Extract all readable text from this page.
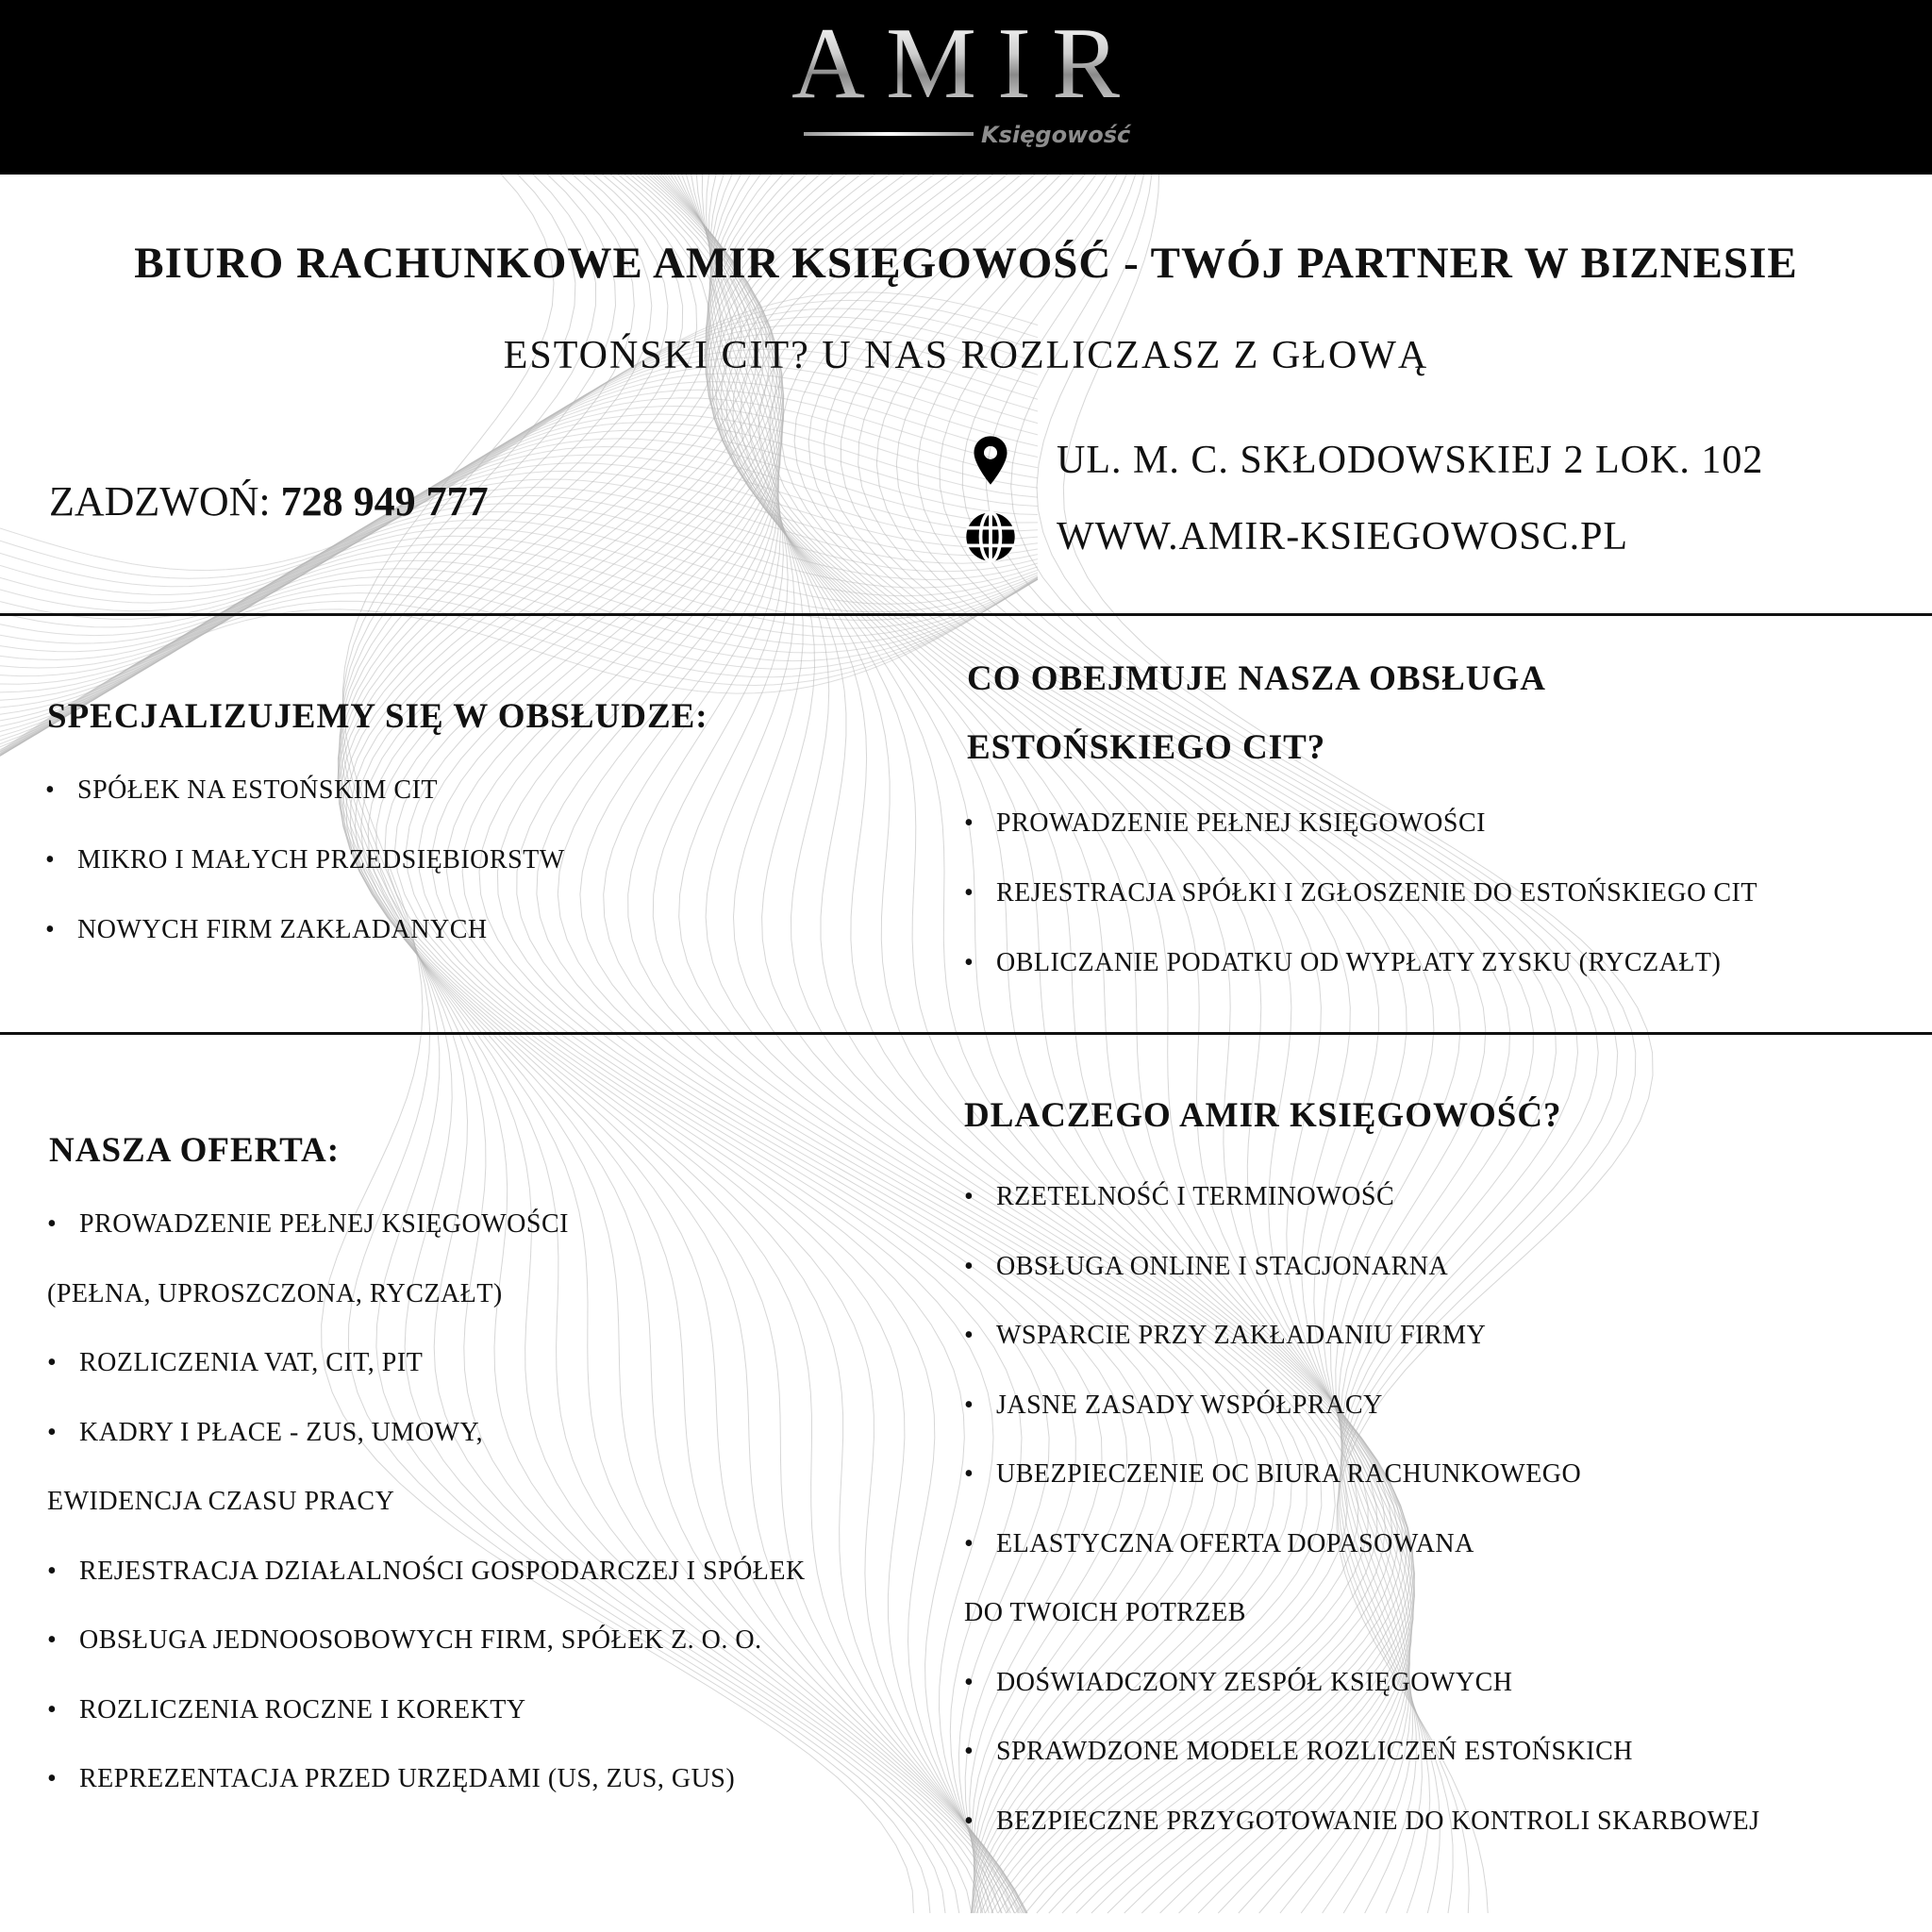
AMIR
Księgowość
BIURO RACHUNKOWE AMIR KSIĘGOWOŚĆ - TWÓJ PARTNER W BIZNESIE
ESTOŃSKI CIT? U NAS ROZLICZASZ Z GŁOWĄ
ZADZWOŃ: 728 949 777
UL. M. C. SKŁODOWSKIEJ 2 LOK. 102
WWW.AMIR-KSIEGOWOSC.PL
SPECJALIZUJEMY SIĘ W OBSŁUDZE:
• SPÓŁEK NA ESTOŃSKIM CIT
• MIKRO I MAŁYCH PRZEDSIĘBIORSTW
• NOWYCH FIRM ZAKŁADANYCH
CO OBEJMUJE NASZA OBSŁUGA
ESTOŃSKIEGO CIT?
• PROWADZENIE PEŁNEJ KSIĘGOWOŚCI
• REJESTRACJA SPÓŁKI I ZGŁOSZENIE DO ESTOŃSKIEGO CIT
• OBLICZANIE PODATKU OD WYPŁATY ZYSKU (RYCZAŁT)
NASZA OFERTA:
• PROWADZENIE PEŁNEJ KSIĘGOWOŚCI
(PEŁNA, UPROSZCZONA, RYCZAŁT)
• ROZLICZENIA VAT, CIT, PIT
• KADRY I PŁACE - ZUS, UMOWY,
EWIDENCJA CZASU PRACY
• REJESTRACJA DZIAŁALNOŚCI GOSPODARCZEJ I SPÓŁEK
• OBSŁUGA JEDNOOSOBOWYCH FIRM, SPÓŁEK Z. O. O.
• ROZLICZENIA ROCZNE I KOREKTY
• REPREZENTACJA PRZED URZĘDAMI (US, ZUS, GUS)
DLACZEGO AMIR KSIĘGOWOŚĆ?
• RZETELNOŚĆ I TERMINOWOŚĆ
• OBSŁUGA ONLINE I STACJONARNA
• WSPARCIE PRZY ZAKŁADANIU FIRMY
• JASNE ZASADY WSPÓŁPRACY
• UBEZPIECZENIE OC BIURA RACHUNKOWEGO
• ELASTYCZNA OFERTA DOPASOWANA
DO TWOICH POTRZEB
• DOŚWIADCZONY ZESPÓŁ KSIĘGOWYCH
• SPRAWDZONE MODELE ROZLICZEŃ ESTOŃSKICH
• BEZPIECZNE PRZYGOTOWANIE DO KONTROLI SKARBOWEJ
